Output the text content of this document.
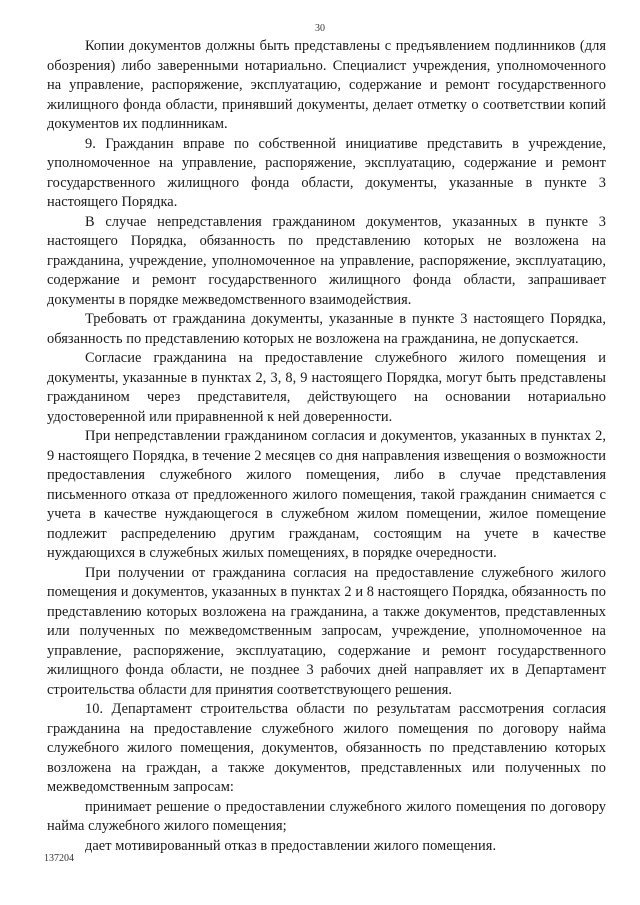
30

Копии документов должны быть представлены с предъявлением подлинников (для обозрения) либо заверенными нотариально. Специалист учреждения, уполномоченного на управление, распоряжение, эксплуатацию, содержание и ремонт государственного жилищного фонда области, принявший документы, делает отметку о соответствии копий документов их подлинникам.

9. Гражданин вправе по собственной инициативе представить в учреждение, уполномоченное на управление, распоряжение, эксплуатацию, содержание и ремонт государственного жилищного фонда области, документы, указанные в пункте 3 настоящего Порядка.

В случае непредставления гражданином документов, указанных в пункте 3 настоящего Порядка, обязанность по представлению которых не возложена на гражданина, учреждение, уполномоченное на управление, распоряжение, эксплуатацию, содержание и ремонт государственного жилищного фонда области, запрашивает документы в порядке межведомственного взаимодействия.

Требовать от гражданина документы, указанные в пункте 3 настоящего Порядка, обязанность по представлению которых не возложена на гражданина, не допускается.

Согласие гражданина на предоставление служебного жилого помещения и документы, указанные в пунктах 2, 3, 8, 9 настоящего Порядка, могут быть представлены гражданином через представителя, действующего на основании нотариально удостоверенной или приравненной к ней доверенности.

При непредставлении гражданином согласия и документов, указанных в пунктах 2, 9 настоящего Порядка, в течение 2 месяцев со дня направления извещения о возможности предоставления служебного жилого помещения, либо в случае представления письменного отказа от предложенного жилого помещения, такой гражданин снимается с учета в качестве нуждающегося в служебном жилом помещении, жилое помещение подлежит распределению другим гражданам, состоящим на учете в качестве нуждающихся в служебных жилых помещениях, в порядке очередности.

При получении от гражданина согласия на предоставление служебного жилого помещения и документов, указанных в пунктах 2 и 8 настоящего Порядка, обязанность по представлению которых возложена на гражданина, а также документов, представленных или полученных по межведомственным запросам, учреждение, уполномоченное на управление, распоряжение, эксплуатацию, содержание и ремонт государственного жилищного фонда области, не позднее 3 рабочих дней направляет их в Департамент строительства области для принятия соответствующего решения.

10. Департамент строительства области по результатам рассмотрения согласия гражданина на предоставление служебного жилого помещения по договору найма служебного жилого помещения, документов, обязанность по представлению которых возложена на граждан, а также документов, представленных или полученных по межведомственным запросам:

принимает решение о предоставлении служебного жилого помещения по договору найма служебного жилого помещения;

дает мотивированный отказ в предоставлении жилого помещения.

137204
